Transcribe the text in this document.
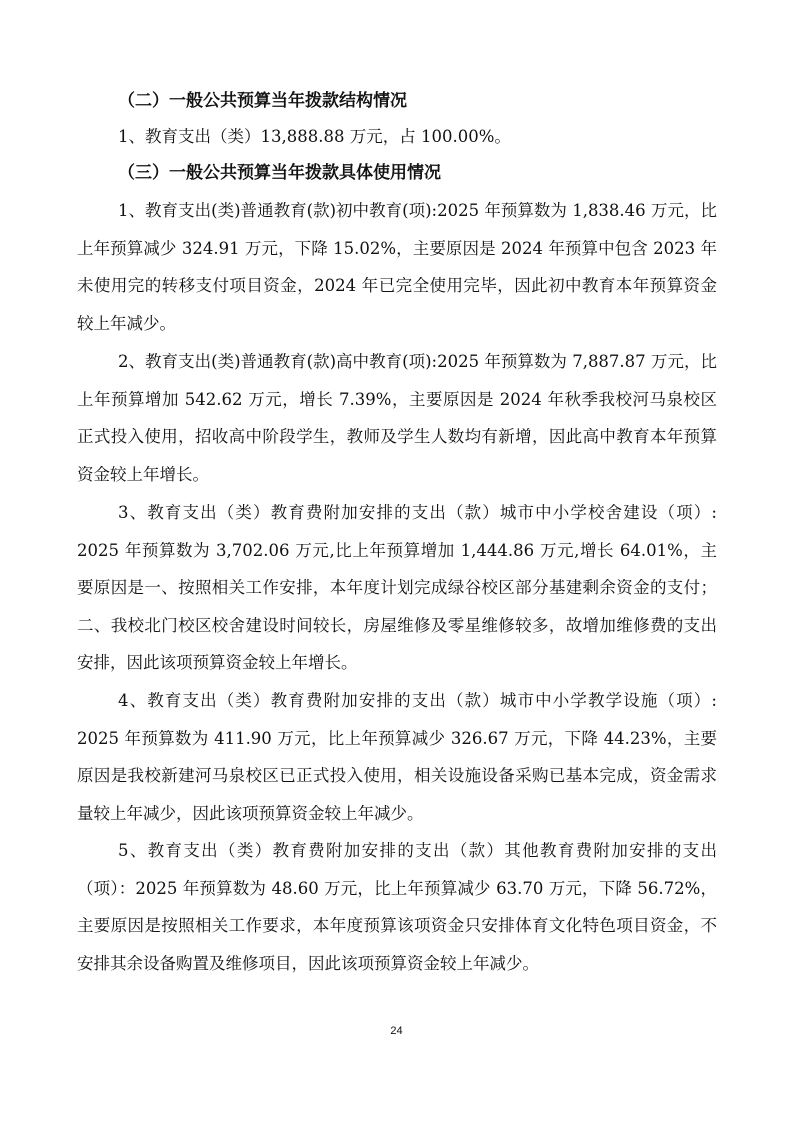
（二）一般公共预算当年拨款结构情况
1、教育支出（类）13,888.88 万元，占 100.00%。
（三）一般公共预算当年拨款具体使用情况

1、教育支出(类)普通教育(款)初中教育(项):2025 年预算数为 1,838.46 万元，比上年预算减少 324.91 万元，下降 15.02%，主要原因是 2024 年预算中包含 2023 年未使用完的转移支付项目资金，2024 年已完全使用完毕，因此初中教育本年预算资金较上年减少。

2、教育支出(类)普通教育(款)高中教育(项):2025 年预算数为 7,887.87 万元，比上年预算增加 542.62 万元，增长 7.39%，主要原因是 2024 年秋季我校河马泉校区正式投入使用，招收高中阶段学生，教师及学生人数均有新增，因此高中教育本年预算资金较上年增长。

3、教育支出（类）教育费附加安排的支出（款）城市中小学校舍建设（项）: 2025 年预算数为 3,702.06 万元,比上年预算增加 1,444.86 万元,增长 64.01%，主要原因是一、按照相关工作安排，本年度计划完成绿谷校区部分基建剩余资金的支付；二、我校北门校区校舍建设时间较长，房屋维修及零星维修较多，故增加维修费的支出安排，因此该项预算资金较上年增长。

4、教育支出（类）教育费附加安排的支出（款）城市中小学教学设施（项）: 2025 年预算数为 411.90 万元，比上年预算减少 326.67 万元，下降 44.23%，主要原因是我校新建河马泉校区已正式投入使用，相关设施设备采购已基本完成，资金需求量较上年减少，因此该项预算资金较上年减少。

5、教育支出（类）教育费附加安排的支出（款）其他教育费附加安排的支出（项）：2025 年预算数为 48.60 万元，比上年预算减少 63.70 万元，下降 56.72%，主要原因是按照相关工作要求，本年度预算该项资金只安排体育文化特色项目资金，不安排其余设备购置及维修项目，因此该项预算资金较上年减少。

24
